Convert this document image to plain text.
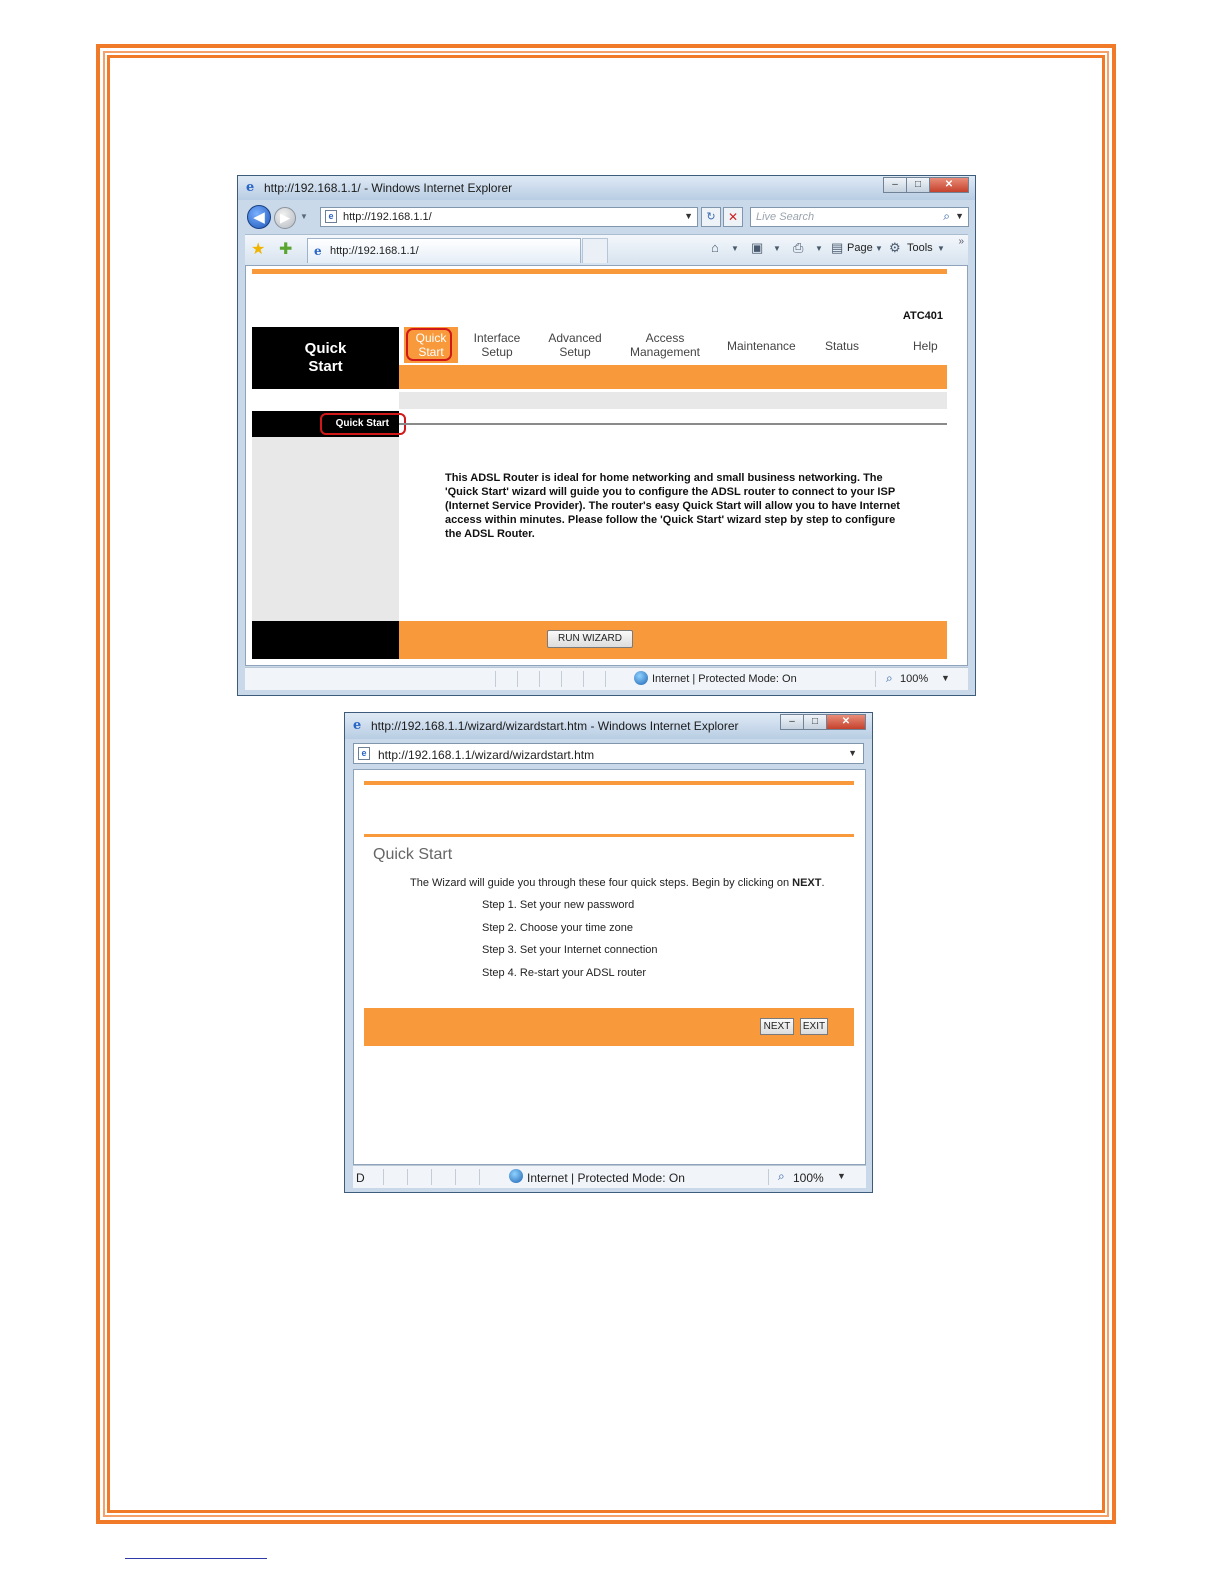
e http://192.168.1.1/ - Windows Internet Explorer	–	□	✕
◀	▶	▼	e http://192.168.1.1/	▼	↻	✕	Live Search	⌕ ▼
★ ✚ e http://192.168.1.1/	⌂ ▼ ▣ ▼ ⎙ ▼ ▤ Page ▼ ⚙ Tools ▼
»
ATC401
Quick Start
Quick Start
Interface Setup
Advanced Setup
Access Management	Maintenance Status	Help
Quick Start
This ADSL Router is ideal for home networking and small business networking. The 'Quick Start' wizard will guide you to configure the ADSL router to connect to your ISP (Internet Service Provider). The router's easy Quick Start will allow you to have Internet access within minutes. Please follow the 'Quick Start' wizard step by step to configure the ADSL Router.
RUN WIZARD
Internet | Protected Mode: On	⌕ 100% ▼
e http://192.168.1.1/wizard/wizardstart.htm - Windows Internet Explorer	–	□	✕
e http://192.168.1.1/wizard/wizardstart.htm	▼
Quick Start
The Wizard will guide you through these four quick steps. Begin by clicking on NEXT.
Step 1. Set your new password
Step 2. Choose your time zone
Step 3. Set your Internet connection
Step 4. Re-start your ADSL router
NEXT	EXIT
D	Internet | Protected Mode: On	⌕ 100% ▼
